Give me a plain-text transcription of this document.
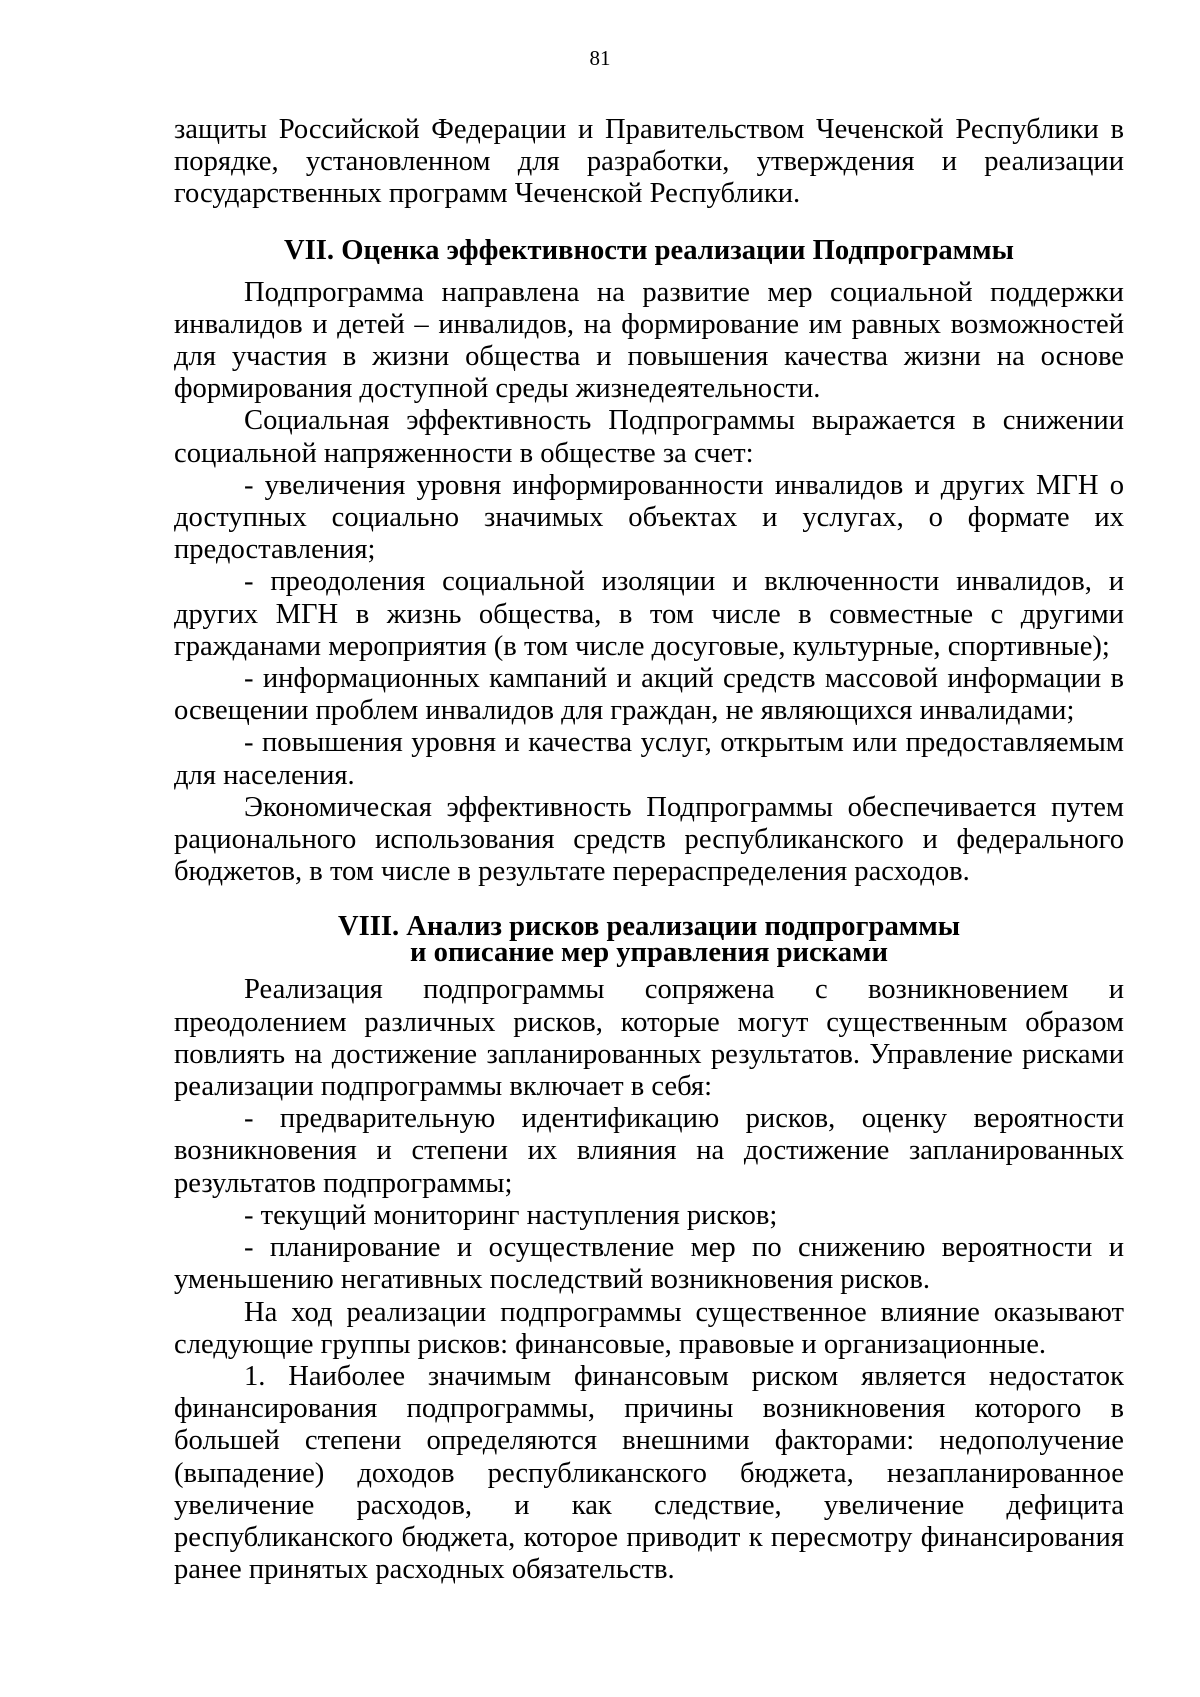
81

защиты Российской Федерации и Правительством Чеченской Республики в порядке, установленном для разработки, утверждения и реализации государственных программ Чеченской Республики.

VII. Оценка эффективности реализации Подпрограммы

Подпрограмма направлена на развитие мер социальной поддержки инвалидов и детей – инвалидов, на формирование им равных возможностей для участия в жизни общества и повышения качества жизни на основе формирования доступной среды жизнедеятельности.

Социальная эффективность Подпрограммы выражается в снижении социальной напряженности в обществе за счет:

- увеличения уровня информированности инвалидов и других МГН о доступных социально значимых объектах и услугах, о формате их предоставления;

- преодоления социальной изоляции и включенности инвалидов, и других МГН в жизнь общества, в том числе в совместные с другими гражданами мероприятия (в том числе досуговые, культурные, спортивные);

- информационных кампаний и акций средств массовой информации в освещении проблем инвалидов для граждан, не являющихся инвалидами;

- повышения уровня и качества услуг, открытым или предоставляемым для населения.

Экономическая эффективность Подпрограммы обеспечивается путем рационального использования средств республиканского и федерального бюджетов, в том числе в результате перераспределения расходов.

VIII. Анализ рисков реализации подпрограммы
и описание мер управления рисками

Реализация подпрограммы сопряжена с возникновением и преодолением различных рисков, которые могут существенным образом повлиять на достижение запланированных результатов. Управление рисками реализации подпрограммы включает в себя:

- предварительную идентификацию рисков, оценку вероятности возникновения и степени их влияния на достижение запланированных результатов подпрограммы;

- текущий мониторинг наступления рисков;

- планирование и осуществление мер по снижению вероятности и уменьшению негативных последствий возникновения рисков.

На ход реализации подпрограммы существенное влияние оказывают следующие группы рисков: финансовые, правовые и организационные.

1. Наиболее значимым финансовым риском является недостаток финансирования подпрограммы, причины возникновения которого в большей степени определяются внешними факторами: недополучение (выпадение) доходов республиканского бюджета, незапланированное увеличение расходов, и как следствие, увеличение дефицита республиканского бюджета, которое приводит к пересмотру финансирования ранее принятых расходных обязательств.
